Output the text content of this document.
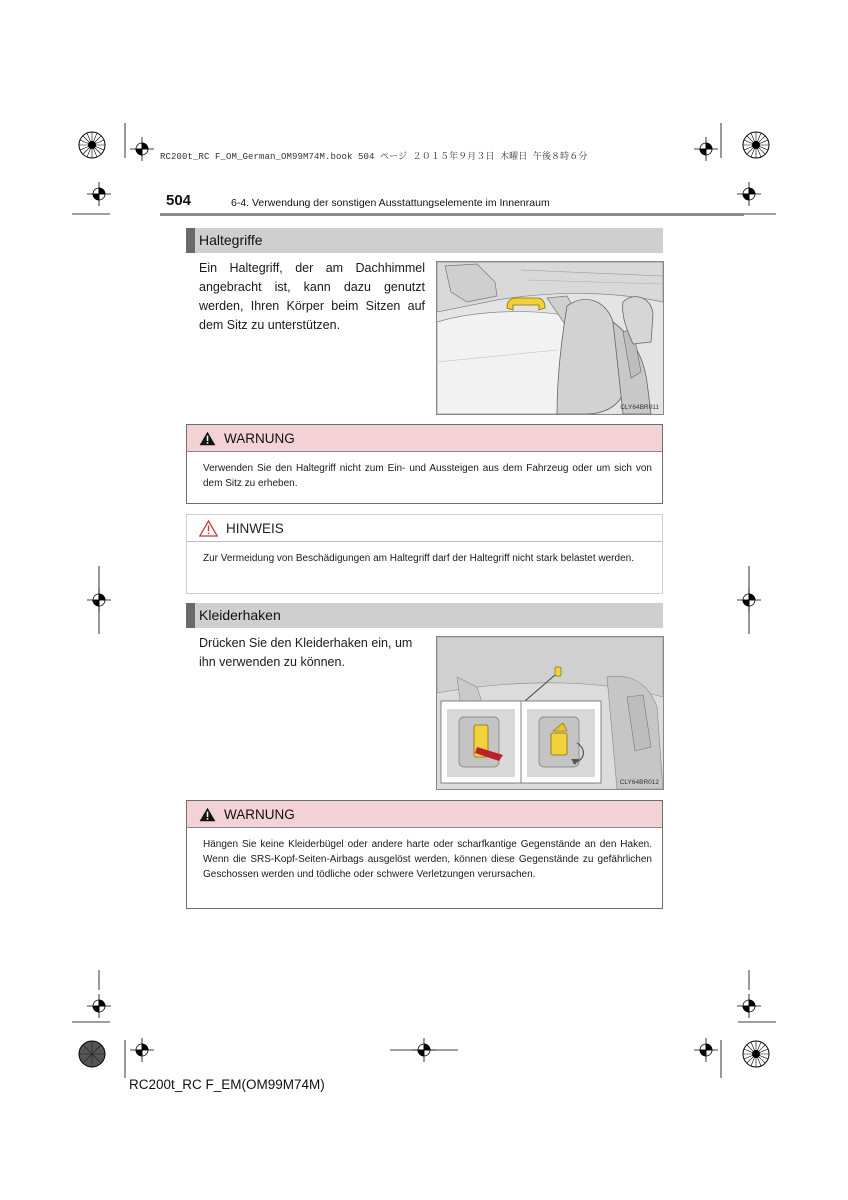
RC200t_RC F_OM_German_OM99M74M.book 504 ページ ２０１５年９月３日 木曜日 午後８時６分
504	6-4. Verwendung der sonstigen Ausstattungselemente im Innenraum
Haltegriffe
Ein Haltegriff, der am Dachhimmel angebracht ist, kann dazu genutzt werden, Ihren Körper beim Sitzen auf dem Sitz zu unterstützen.
CLY64BR011
WARNUNG
Verwenden Sie den Haltegriff nicht zum Ein- und Aussteigen aus dem Fahrzeug oder um sich von dem Sitz zu erheben.
HINWEIS
Zur Vermeidung von Beschädigungen am Haltegriff darf der Haltegriff nicht stark belastet werden.
Kleiderhaken
Drücken Sie den Kleiderhaken ein, um ihn verwenden zu können.
CLY64BR012
WARNUNG
Hängen Sie keine Kleiderbügel oder andere harte oder scharfkantige Gegenstände an den Haken. Wenn die SRS-Kopf-Seiten-Airbags ausgelöst werden, können diese Gegenstände zu gefährlichen Geschossen werden und tödliche oder schwere Verletzungen verursachen.
RC200t_RC F_EM(OM99M74M)
